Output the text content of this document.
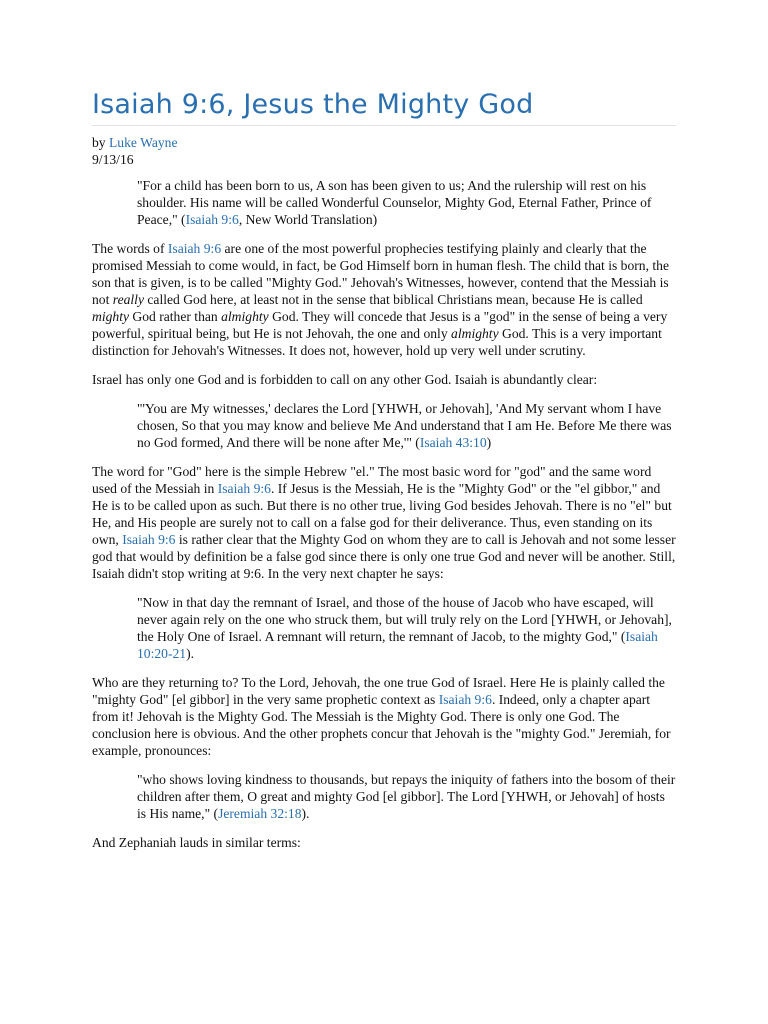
Isaiah 9:6, Jesus the Mighty God

by Luke Wayne

9/13/16

"For a child has been born to us, A son has been given to us; And the rulership will rest on his shoulder. His name will be called Wonderful Counselor, Mighty God, Eternal Father, Prince of Peace," (Isaiah 9:6, New World Translation)

The words of Isaiah 9:6 are one of the most powerful prophecies testifying plainly and clearly that the promised Messiah to come would, in fact, be God Himself born in human flesh. The child that is born, the son that is given, is to be called "Mighty God." Jehovah's Witnesses, however, contend that the Messiah is not really called God here, at least not in the sense that biblical Christians mean, because He is called mighty God rather than almighty God. They will concede that Jesus is a "god" in the sense of being a very powerful, spiritual being, but He is not Jehovah, the one and only almighty God. This is a very important distinction for Jehovah's Witnesses. It does not, however, hold up very well under scrutiny.

Israel has only one God and is forbidden to call on any other God. Isaiah is abundantly clear:

"'You are My witnesses,' declares the Lord [YHWH, or Jehovah], 'And My servant whom I have chosen, So that you may know and believe Me And understand that I am He. Before Me there was no God formed, And there will be none after Me,'" (Isaiah 43:10)

The word for "God" here is the simple Hebrew "el." The most basic word for "god" and the same word used of the Messiah in Isaiah 9:6. If Jesus is the Messiah, He is the "Mighty God" or the "el gibbor," and He is to be called upon as such. But there is no other true, living God besides Jehovah. There is no "el" but He, and His people are surely not to call on a false god for their deliverance. Thus, even standing on its own, Isaiah 9:6 is rather clear that the Mighty God on whom they are to call is Jehovah and not some lesser god that would by definition be a false god since there is only one true God and never will be another. Still, Isaiah didn't stop writing at 9:6. In the very next chapter he says:

"Now in that day the remnant of Israel, and those of the house of Jacob who have escaped, will never again rely on the one who struck them, but will truly rely on the Lord [YHWH, or Jehovah], the Holy One of Israel. A remnant will return, the remnant of Jacob, to the mighty God," (Isaiah 10:20-21).

Who are they returning to? To the Lord, Jehovah, the one true God of Israel. Here He is plainly called the "mighty God" [el gibbor] in the very same prophetic context as Isaiah 9:6. Indeed, only a chapter apart from it! Jehovah is the Mighty God. The Messiah is the Mighty God. There is only one God. The conclusion here is obvious. And the other prophets concur that Jehovah is the "mighty God." Jeremiah, for example, pronounces:

"who shows loving kindness to thousands, but repays the iniquity of fathers into the bosom of their children after them, O great and mighty God [el gibbor]. The Lord [YHWH, or Jehovah] of hosts is His name," (Jeremiah 32:18).

And Zephaniah lauds in similar terms:
